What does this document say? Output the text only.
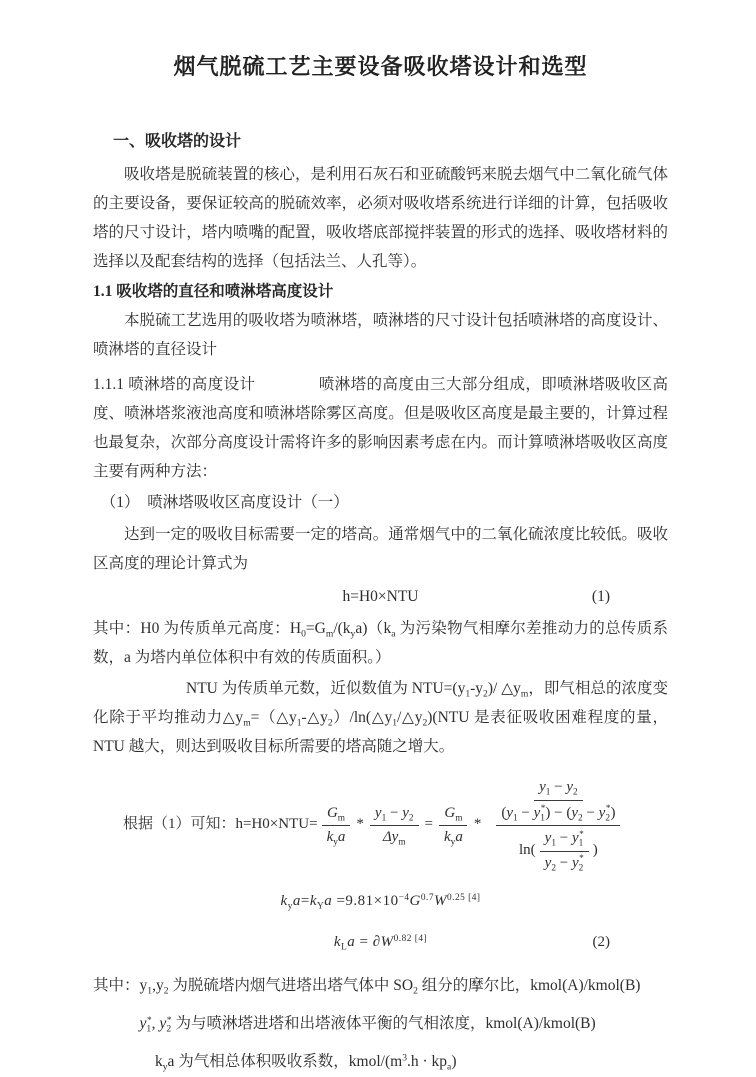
烟气脱硫工艺主要设备吸收塔设计和选型
一、吸收塔的设计

吸收塔是脱硫装置的核心，是利用石灰石和亚硫酸钙来脱去烟气中二氧化硫气体的主要设备，要保证较高的脱硫效率，必须对吸收塔系统进行详细的计算，包括吸收塔的尺寸设计，塔内喷嘴的配置，吸收塔底部搅拌装置的形式的选择、吸收塔材料的选择以及配套结构的选择（包括法兰、人孔等）。

1.1 吸收塔的直径和喷淋塔高度设计

本脱硫工艺选用的吸收塔为喷淋塔，喷淋塔的尺寸设计包括喷淋塔的高度设计、喷淋塔的直径设计

1.1.1 喷淋塔的高度设计　　　　喷淋塔的高度由三大部分组成，即喷淋塔吸收区高度、喷淋塔浆液池高度和喷淋塔除雾区高度。但是吸收区高度是最主要的，计算过程也最复杂，次部分高度设计需将许多的影响因素考虑在内。而计算喷淋塔吸收区高度主要有两种方法：

（1）　喷淋塔吸收区高度设计（一）

达到一定的吸收目标需要一定的塔高。通常烟气中的二氧化硫浓度比较低。吸收区高度的理论计算式为

h=H0×NTU	(1)

其中：H0 为传质单元高度：$H_0=G_m/(k_ya)(k_a$ 为污染物气相摩尔差推动力的总传质系数，a 为塔内单位体积中有效的传质面积。）

NTU 为传质单元数，近似数值为 $NTU=(y_1-y_2)/$ $\triangle y_m$，即气相总的浓度变化除于平均推动力$\triangle y_m=(\triangle y_1-\triangle y_2)/\ln(\triangle y_1/\triangle y_2)(NTU$ 是表征吸收困难程度的量，NTU 越大，则达到吸收目标所需要的塔高随之增大。

根据（1）可知： $h=H0\times NTU= \frac{G_m}{k_ya} * \frac{y_1 - y_2}{\Delta y_m} = \frac{G_m}{k_ya}$ *
$y_1 - y_2$
$(y_1 - y_1^*) - (y_2 - y_2^*)$
$\ln( \frac{y_1 - y_1^*}{y_2 - y_2^*}$ )
$k_ya=k_Ya =9.81\times 10^{-4}G^{0.7}W^{0.25 [4]}$
$k_La = \partial W^{0.82 [4]}$	(2)

其中：$y_1,y_2$ 为脱硫塔内烟气进塔出塔气体中 $SO_2$ 组分的摩尔比，kmol(A)/kmol(B)

$y_1^*$, $y_2^*$ 为与喷淋塔进塔和出塔液体平衡的气相浓度，kmol(A)/kmol(B)

$k_ya$ 为气相总体积吸收系数，kmol/$(m^3.h \cdot kp_a)$
